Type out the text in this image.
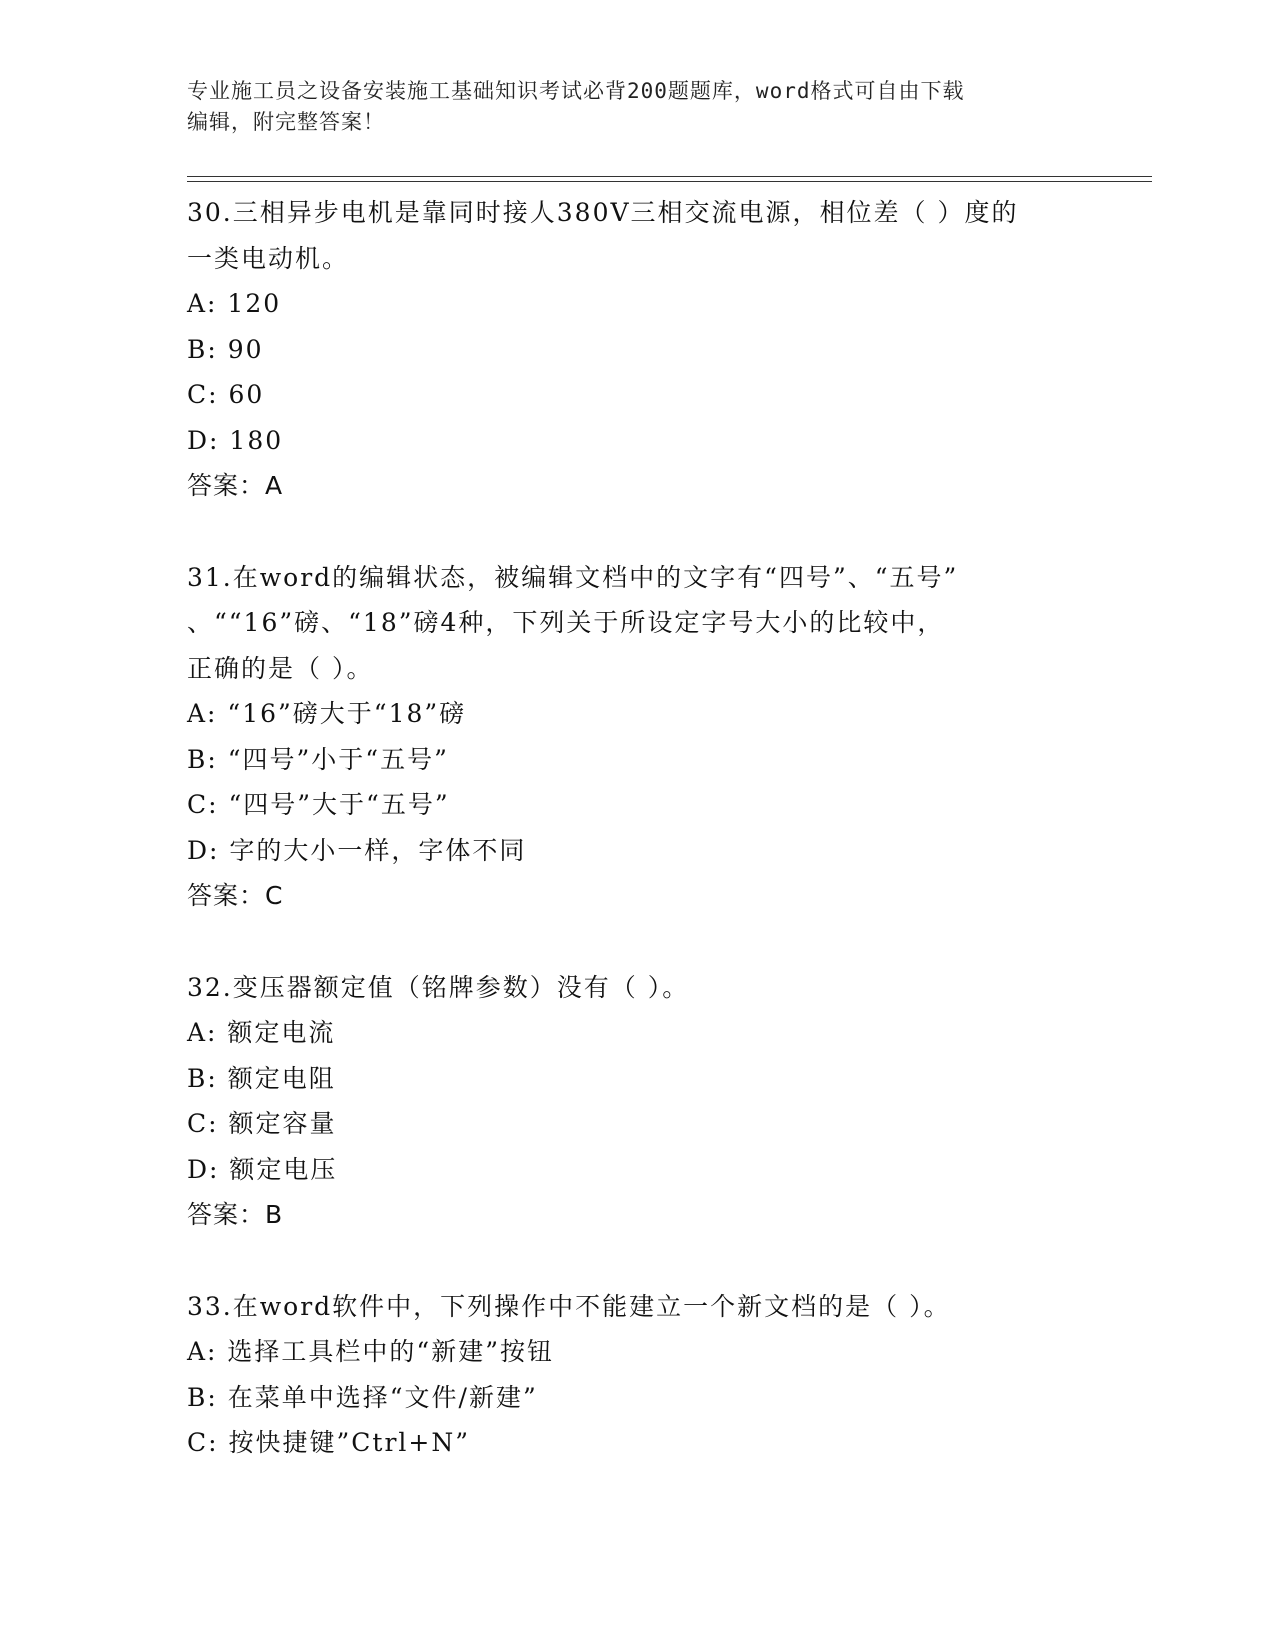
专业施工员之设备安装施工基础知识考试必背200题题库，word格式可自由下载
编辑，附完整答案！
30.三相异步电机是靠同时接人380V三相交流电源，相位差（ ）度的
一类电动机。
A: 120
B: 90
C: 60
D: 180
答案：A
31.在word的编辑状态，被编辑文档中的文字有“四号”、“五号”
、““16”磅、“18”磅4种，下列关于所设定字号大小的比较中，
正确的是（ ）。
A: “16”磅大于“18”磅
B: “四号”小于“五号”
C: “四号”大于“五号”
D: 字的大小一样，字体不同
答案：C
32.变压器额定值（铭牌参数）没有（ ）。
A: 额定电流
B: 额定电阻
C: 额定容量
D: 额定电压
答案：B
33.在word软件中，下列操作中不能建立一个新文档的是（ ）。
A: 选择工具栏中的“新建”按钮
B: 在菜单中选择“文件/新建”
C: 按快捷键”Ctrl+N”
